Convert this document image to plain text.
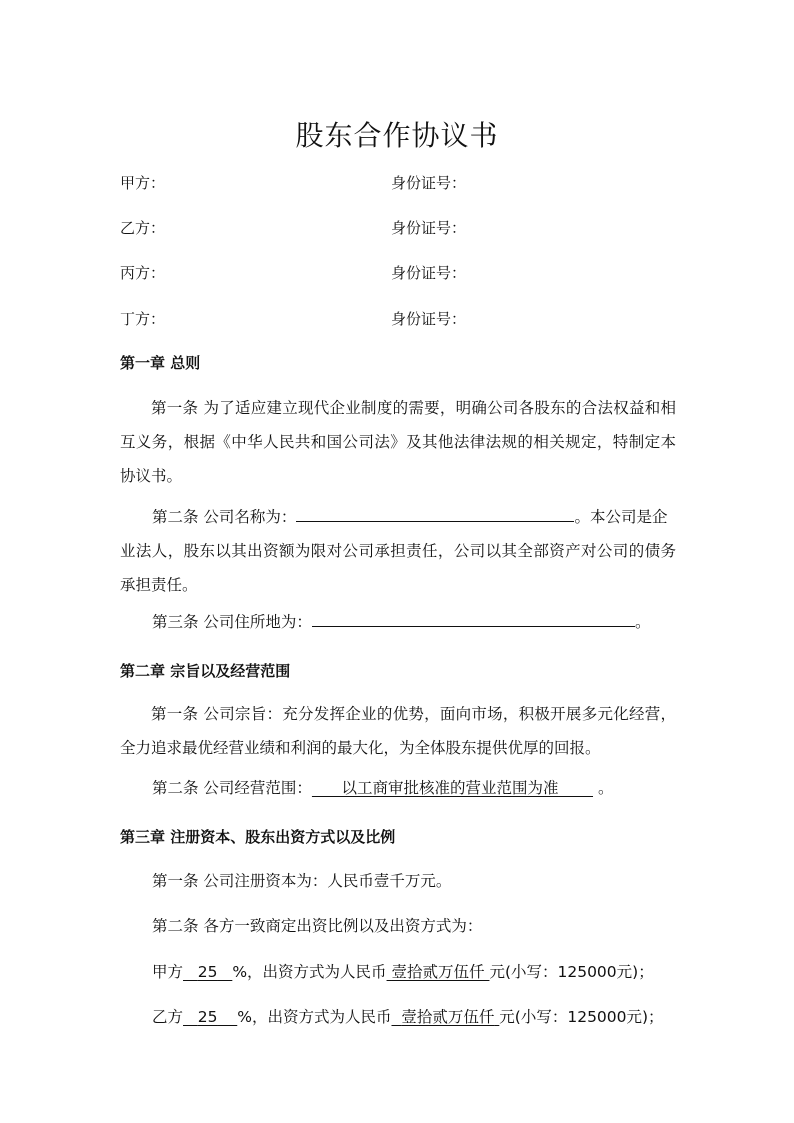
股东合作协议书
甲方：	身份证号：
乙方：	身份证号：
丙方：	身份证号：
丁方：	身份证号：
第一章 总则
第一条 为了适应建立现代企业制度的需要，明确公司各股东的合法权益和相互义务，根据《中华人民共和国公司法》及其他法律法规的相关规定，特制定本协议书。
第二条 公司名称为：	。本公司是企
业法人，股东以其出资额为限对公司承担责任，公司以其全部资产对公司的债务承担责任。
第三条 公司住所地为：	。
第二章 宗旨以及经营范围
第一条 公司宗旨：充分发挥企业的优势，面向市场，积极开展多元化经营，全力追求最优经营业绩和利润的最大化，为全体股东提供优厚的回报。
第二条 公司经营范围： 以工商审批核准的营业范围为准        。
第三章 注册资本、股东出资方式以及比例
第一条 公司注册资本为：人民币壹千万元。
第二条 各方一致商定出资比例以及出资方式为：
甲方 25 %，出资方式为人民币 壹拾贰万伍仟 元(小写：125000元)；
乙方 25 %，出资方式为人民币 壹拾贰万伍仟 元(小写：125000元)；
